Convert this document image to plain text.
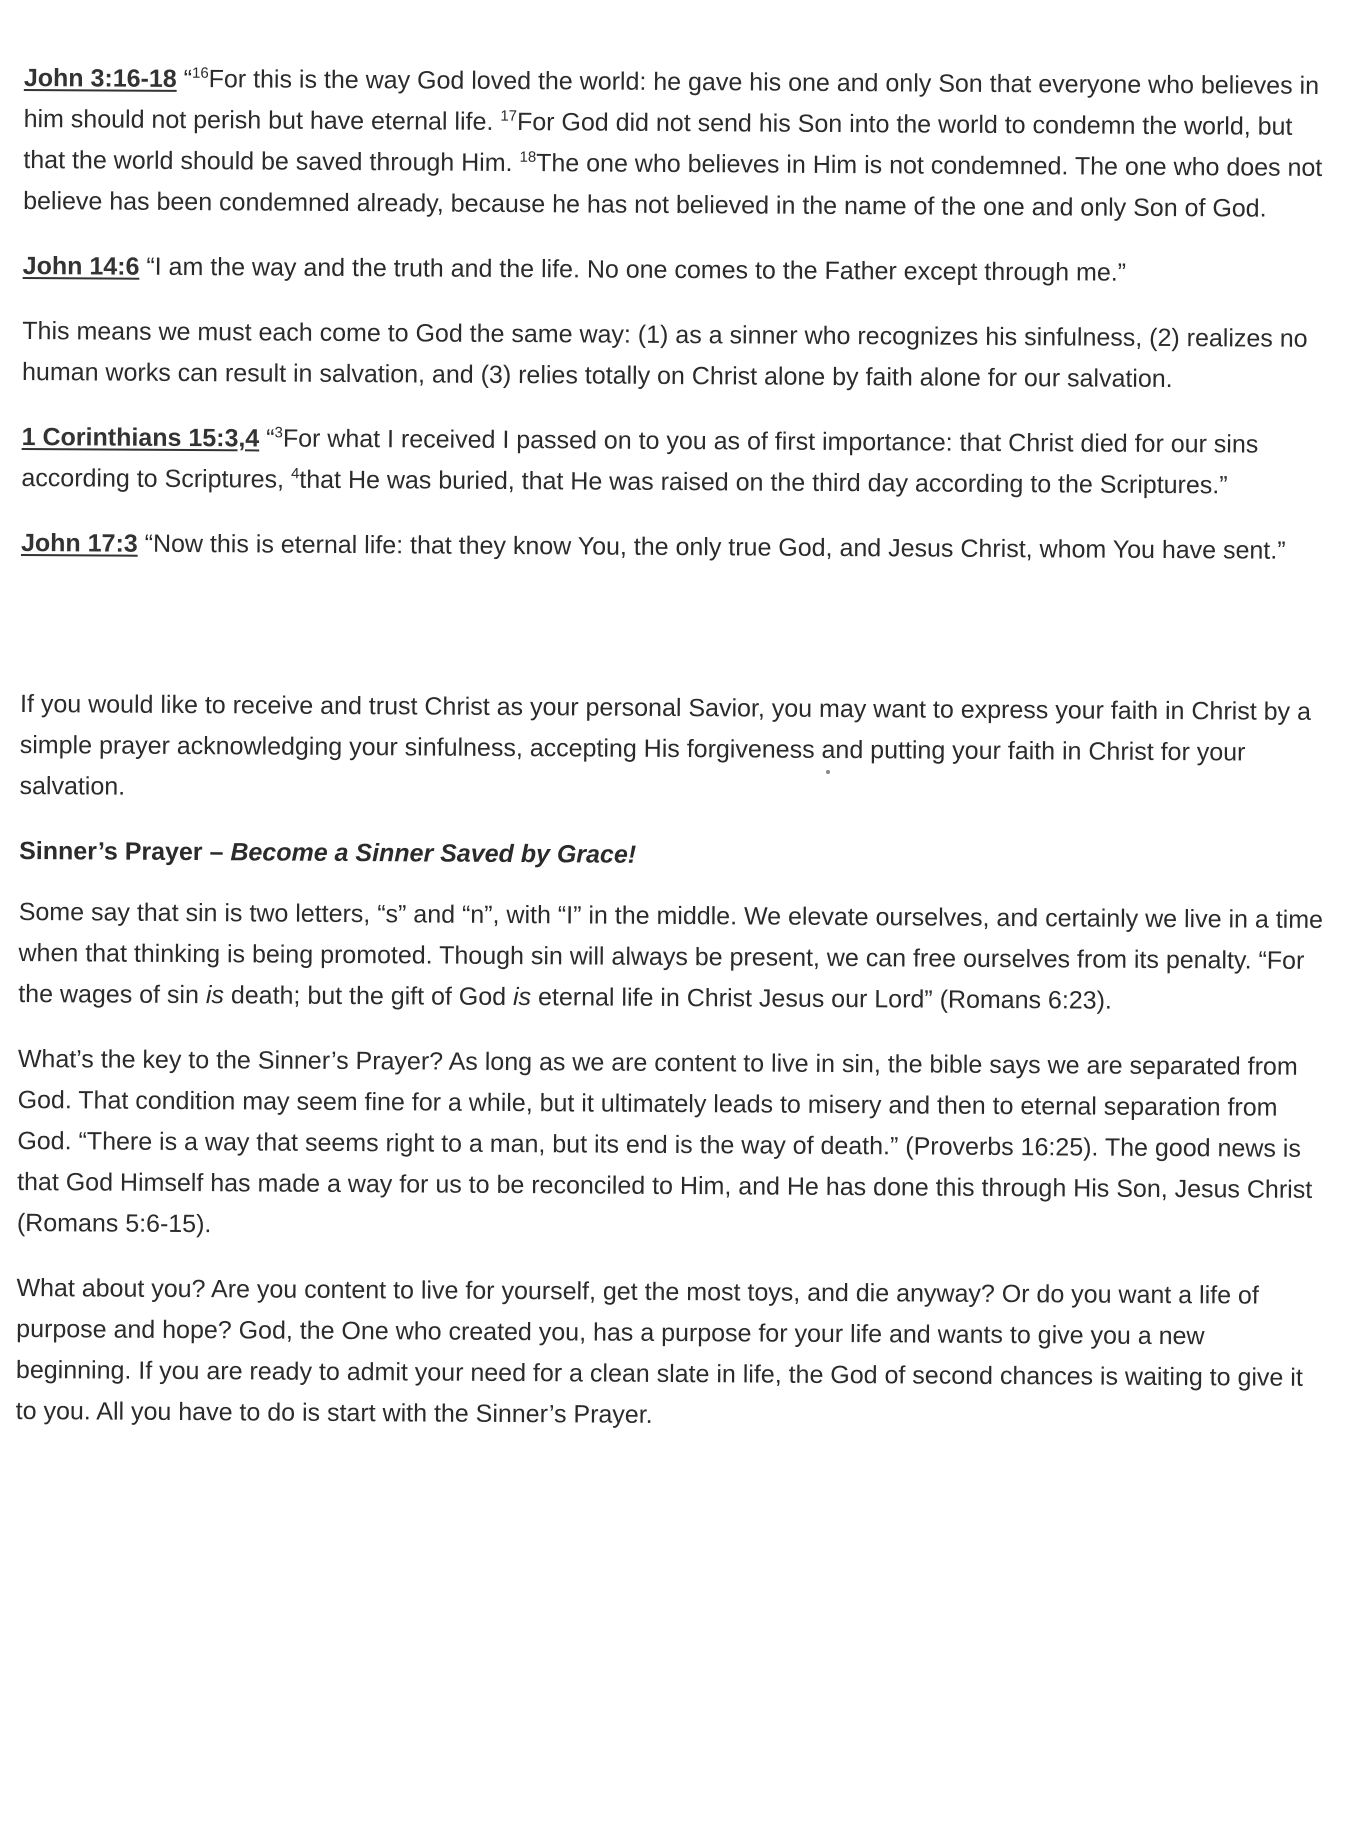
John 3:16-18 “$^{16}$For this is the way God loved the world: he gave his one and only Son that everyone who believes in him should not perish but have eternal life. $^{17}$For God did not send his Son into the world to condemn the world, but that the world should be saved through Him. $^{18}$The one who believes in Him is not condemned. The one who does not believe has been condemned already, because he has not believed in the name of the one and only Son of God.

John 14:6 “I am the way and the truth and the life. No one comes to the Father except through me.”

This means we must each come to God the same way: (1) as a sinner who recognizes his sinfulness, (2) realizes no human works can result in salvation, and (3) relies totally on Christ alone by faith alone for our salvation.

1 Corinthians 15:3,4 “$^3$For what I received I passed on to you as of first importance: that Christ died for our sins according to Scriptures, $^4$that He was buried, that He was raised on the third day according to the Scriptures.”

John 17:3 “Now this is eternal life: that they know You, the only true God, and Jesus Christ, whom You have sent.”

If you would like to receive and trust Christ as your personal Savior, you may want to express your faith in Christ by a simple prayer acknowledging your sinfulness, accepting His forgiveness and putting your faith in Christ for your salvation.

Sinner’s Prayer – Become a Sinner Saved by Grace!

Some say that sin is two letters, “s” and “n”, with “I” in the middle. We elevate ourselves, and certainly we live in a time when that thinking is being promoted. Though sin will always be present, we can free ourselves from its penalty. “For the wages of sin is death; but the gift of God is eternal life in Christ Jesus our Lord” (Romans 6:23).

What’s the key to the Sinner’s Prayer? As long as we are content to live in sin, the bible says we are separated from God. That condition may seem fine for a while, but it ultimately leads to misery and then to eternal separation from God. “There is a way that seems right to a man, but its end is the way of death.” (Proverbs 16:25). The good news is that God Himself has made a way for us to be reconciled to Him, and He has done this through His Son, Jesus Christ (Romans 5:6-15).

What about you? Are you content to live for yourself, get the most toys, and die anyway? Or do you want a life of purpose and hope? God, the One who created you, has a purpose for your life and wants to give you a new beginning. If you are ready to admit your need for a clean slate in life, the God of second chances is waiting to give it to you. All you have to do is start with the Sinner’s Prayer.
